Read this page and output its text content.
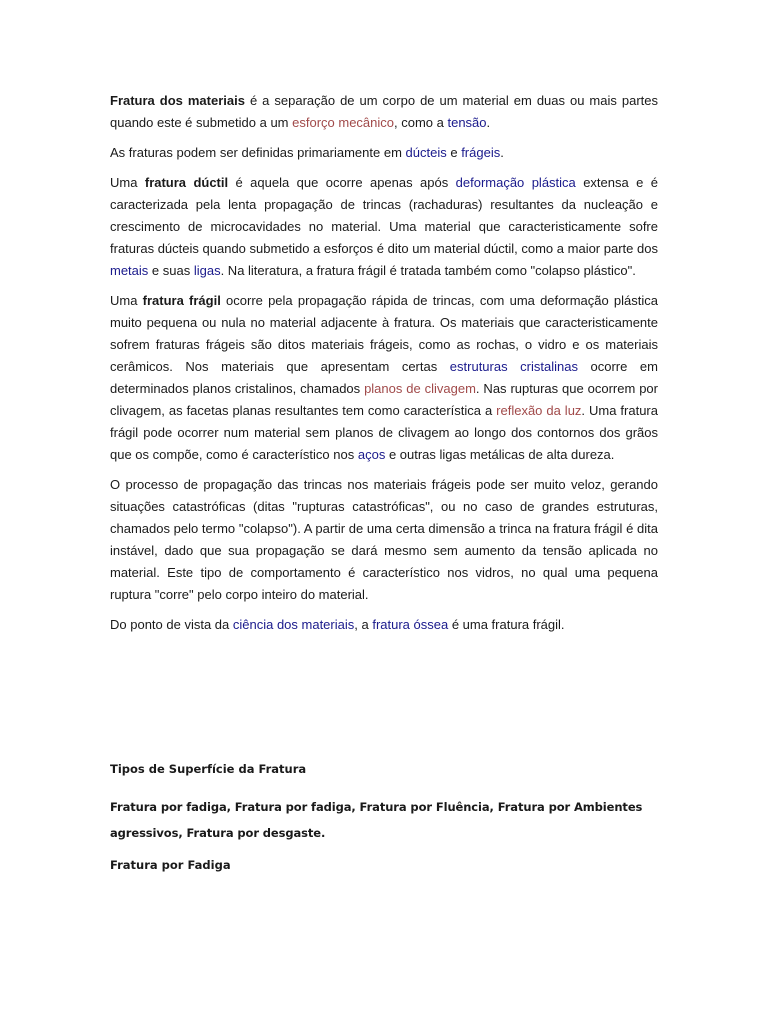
Fratura dos materiais é a separação de um corpo de um material em duas ou mais partes quando este é submetido a um esforço mecânico, como a tensão.

As fraturas podem ser definidas primariamente em dúcteis e frágeis.

Uma fratura dúctil é aquela que ocorre apenas após deformação plástica extensa e é caracterizada pela lenta propagação de trincas (rachaduras) resultantes da nucleação e crescimento de microcavidades no material. Uma material que caracteristicamente sofre fraturas dúcteis quando submetido a esforços é dito um material dúctil, como a maior parte dos metais e suas ligas. Na literatura, a fratura frágil é tratada também como "colapso plástico".

Uma fratura frágil ocorre pela propagação rápida de trincas, com uma deformação plástica muito pequena ou nula no material adjacente à fratura. Os materiais que caracteristicamente sofrem fraturas frágeis são ditos materiais frágeis, como as rochas, o vidro e os materiais cerâmicos. Nos materiais que apresentam certas estruturas cristalinas ocorre em determinados planos cristalinos, chamados planos de clivagem. Nas rupturas que ocorrem por clivagem, as facetas planas resultantes tem como característica a reflexão da luz. Uma fratura frágil pode ocorrer num material sem planos de clivagem ao longo dos contornos dos grãos que os compõe, como é característico nos aços e outras ligas metálicas de alta dureza.

O processo de propagação das trincas nos materiais frágeis pode ser muito veloz, gerando situações catastróficas (ditas "rupturas catastróficas", ou no caso de grandes estruturas, chamados pelo termo "colapso"). A partir de uma certa dimensão a trinca na fratura frágil é dita instável, dado que sua propagação se dará mesmo sem aumento da tensão aplicada no material. Este tipo de comportamento é característico nos vidros, no qual uma pequena ruptura "corre" pelo corpo inteiro do material.

Do ponto de vista da ciência dos materiais, a fratura óssea é uma fratura frágil.

Tipos de Superfície da Fratura
Fratura por fadiga, Fratura por fadiga, Fratura por Fluência, Fratura por Ambientes agressivos, Fratura por desgaste.
Fratura por Fadiga
